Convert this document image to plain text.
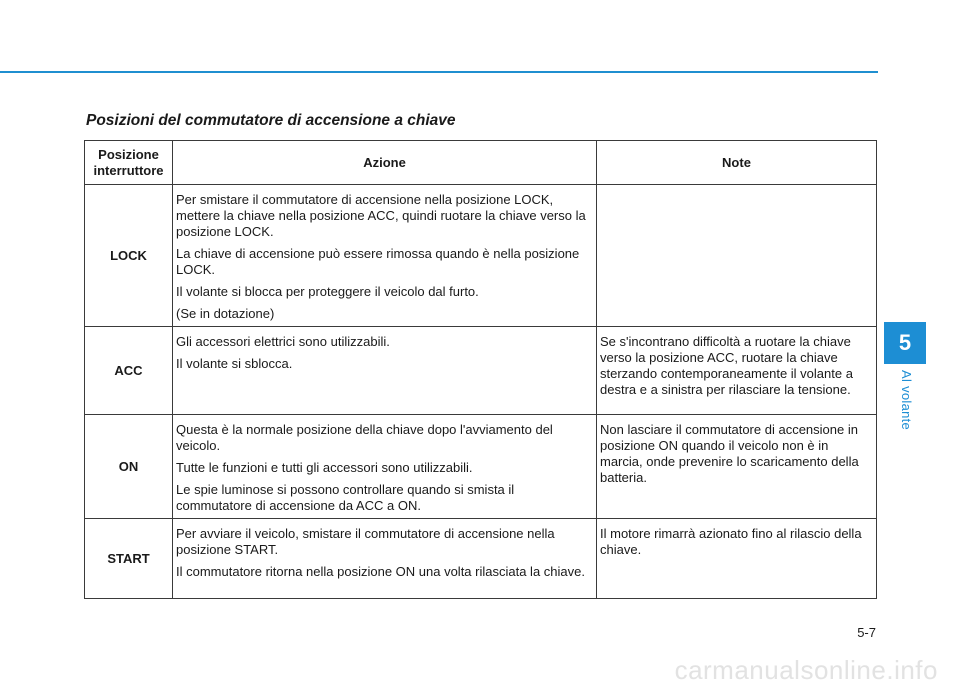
5
Al volante
Posizioni del commutatore di accensione a chiave
Posizione
interruttore	Azione	Note
LOCK	Per smistare il commutatore di accensione nella posizione LOCK, mettere la chiave nella posizione ACC, quindi ruotare la chiave verso la posizione LOCK.

La chiave di accensione può essere rimossa quando è nella posizione LOCK.

Il volante si blocca per proteggere il veicolo dal furto.

(Se in dotazione)	

ACC	Gli accessori elettrici sono utilizzabili.

Il volante si sblocca.	Se s'incontrano difficoltà a ruotare la chiave verso la posizione ACC, ruotare la chiave sterzando contemporaneamente il volante a destra e a sinistra per rilasciare la tensione.
ON	Questa è la normale posizione della chiave dopo l'avviamento del veicolo.

Tutte le funzioni e tutti gli accessori sono utilizzabili.

Le spie luminose si possono controllare quando si smista il commutatore di accensione da ACC a ON.	Non lasciare il commutatore di accensione in posizione ON quando il veicolo non è in marcia, onde prevenire lo scaricamento della batteria.
START	Per avviare il veicolo, smistare il commutatore di accensione nella posizione START.

Il commutatore ritorna nella posizione ON una volta rilasciata la chiave.	Il motore rimarrà azionato fino al rilascio della chiave.
5-7
carmanualsonline.info
